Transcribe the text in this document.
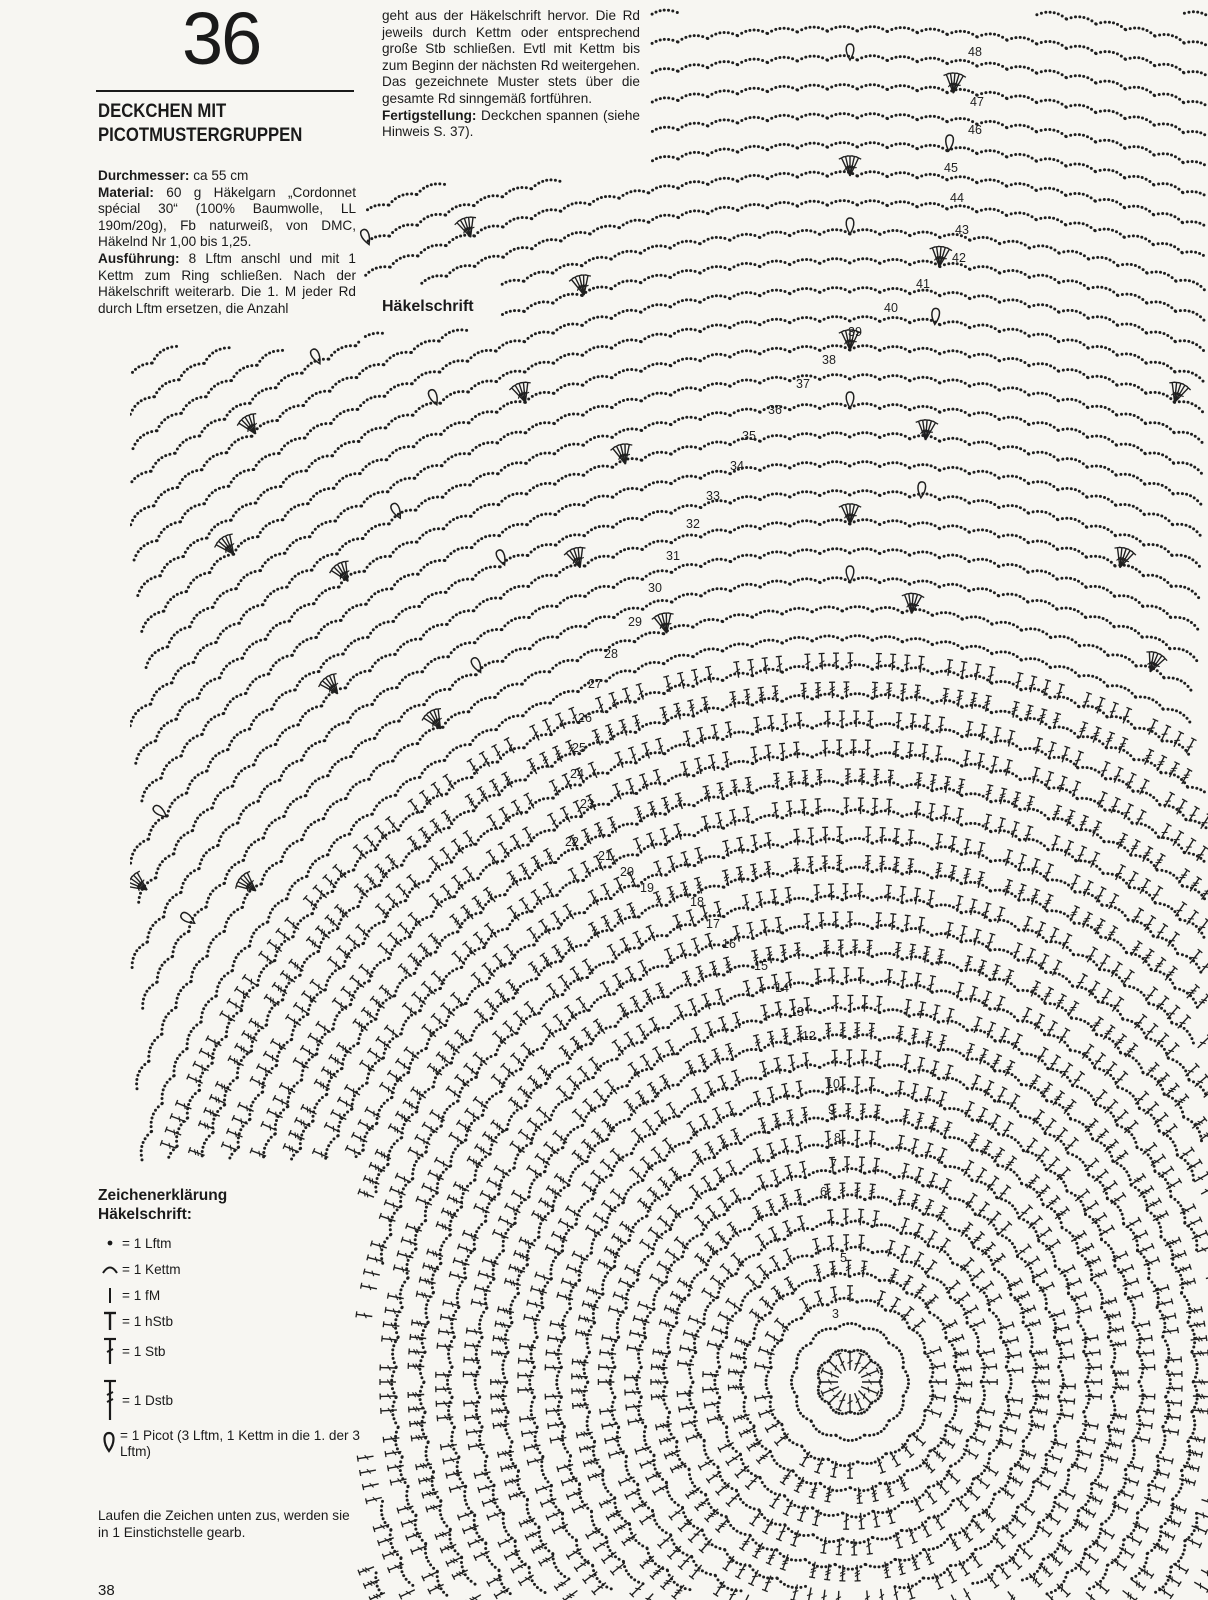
3
5
6
7
8
9
10
12
13
14
15
16
17
18
19
20
21
22
23
24
25
26
27
28
29
30
31
32
33
34
35
36
37
38
39
40
41
42
43
44
45
46
47
48
36
DECKCHEN MIT PICOTMUSTERGRUPPEN
Durchmesser: ca 55 cm
Material: 60 g Häkelgarn „Cordonnet spécial 30“ (100% Baumwolle, LL 190m/20g), Fb naturweiß, von DMC, Häkelnd Nr 1,00 bis 1,25.
Ausführung: 8 Lftm anschl und mit 1 Kettm zum Ring schließen. Nach der Häkelschrift weiterarb. Die 1. M jeder Rd durch Lftm ersetzen, die Anzahl
geht aus der Häkelschrift hervor. Die Rd jeweils durch Kettm oder entsprechend große Stb schließen. Evtl mit Kettm bis zum Beginn der nächsten Rd weitergehen. Das gezeichnete Muster stets über die gesamte Rd sinngemäß fortführen.
Fertigstellung: Deckchen spannen (siehe Hinweis S. 37).
Häkelschrift
Zeichenerklärung
Häkelschrift:
= 1 Lftm
= 1 Kettm
= 1 fM
= 1 hStb
= 1 Stb
= 1 Dstb
= 1 Picot (3 Lftm, 1 Kettm in die 1. der 3 Lftm)
Laufen die Zeichen unten zus, werden sie in 1 Einstichstelle gearb.
38
